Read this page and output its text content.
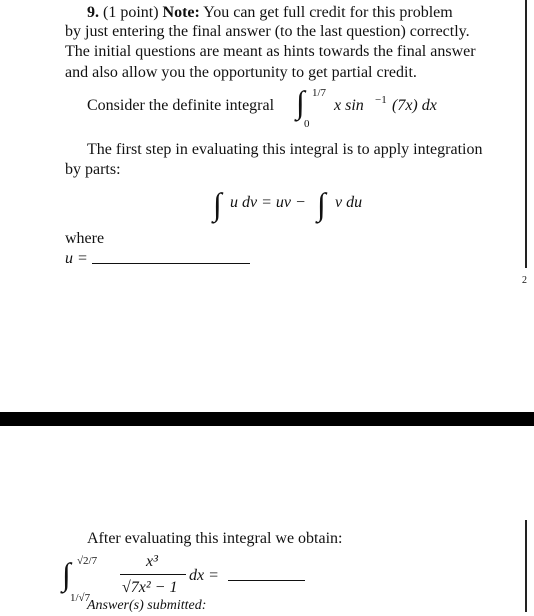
9. (1 point) Note: You can get full credit for this problem
by just entering the final answer (to the last question) correctly.
The initial questions are meant as hints towards the final answer
and also allow you the opportunity to get partial credit.
Consider the definite integral ∫ 1/7
0
x sin −1 (7x) dx
The first step in evaluating this integral is to apply integration
by parts:
∫ u dv = uv − ∫ v du
where
u =
2
After evaluating this integral we obtain:
∫ √2/7
1/√7
x³
√7x² − 1
dx =
Answer(s) submitted:
